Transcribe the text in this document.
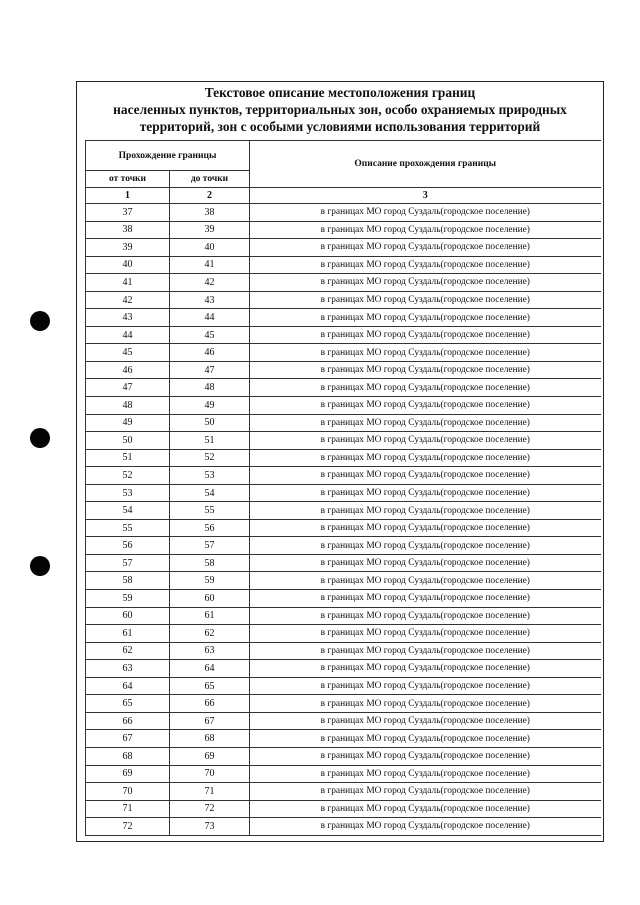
Текстовое описание местоположения границ
населенных пунктов, территориальных зон, особо охраняемых природных
территорий, зон с особыми условиями использования территорий
Прохождение границы		Описание прохождения границы
от точки	до точки	
1	2	3
37	38	в границах МО город Суздаль(городское поселение)
38	39	в границах МО город Суздаль(городское поселение)
39	40	в границах МО город Суздаль(городское поселение)
40	41	в границах МО город Суздаль(городское поселение)
41	42	в границах МО город Суздаль(городское поселение)
42	43	в границах МО город Суздаль(городское поселение)
43	44	в границах МО город Суздаль(городское поселение)
44	45	в границах МО город Суздаль(городское поселение)
45	46	в границах МО город Суздаль(городское поселение)
46	47	в границах МО город Суздаль(городское поселение)
47	48	в границах МО город Суздаль(городское поселение)
48	49	в границах МО город Суздаль(городское поселение)
49	50	в границах МО город Суздаль(городское поселение)
50	51	в границах МО город Суздаль(городское поселение)
51	52	в границах МО город Суздаль(городское поселение)
52	53	в границах МО город Суздаль(городское поселение)
53	54	в границах МО город Суздаль(городское поселение)
54	55	в границах МО город Суздаль(городское поселение)
55	56	в границах МО город Суздаль(городское поселение)
56	57	в границах МО город Суздаль(городское поселение)
57	58	в границах МО город Суздаль(городское поселение)
58	59	в границах МО город Суздаль(городское поселение)
59	60	в границах МО город Суздаль(городское поселение)
60	61	в границах МО город Суздаль(городское поселение)
61	62	в границах МО город Суздаль(городское поселение)
62	63	в границах МО город Суздаль(городское поселение)
63	64	в границах МО город Суздаль(городское поселение)
64	65	в границах МО город Суздаль(городское поселение)
65	66	в границах МО город Суздаль(городское поселение)
66	67	в границах МО город Суздаль(городское поселение)
67	68	в границах МО город Суздаль(городское поселение)
68	69	в границах МО город Суздаль(городское поселение)
69	70	в границах МО город Суздаль(городское поселение)
70	71	в границах МО город Суздаль(городское поселение)
71	72	в границах МО город Суздаль(городское поселение)
72	73	в границах МО город Суздаль(городское поселение)
